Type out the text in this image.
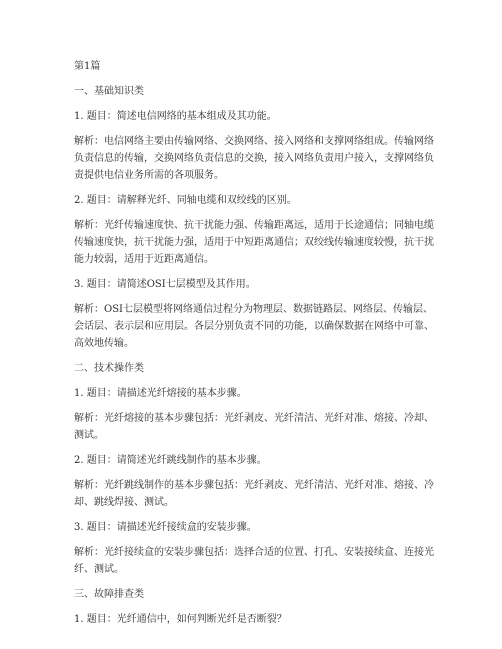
第1篇

一、基础知识类

1. 题目：简述电信网络的基本组成及其功能。

解析：电信网络主要由传输网络、交换网络、接入网络和支撑网络组成。传输网络负责信息的传输，交换网络负责信息的交换，接入网络负责用户接入，支撑网络负责提供电信业务所需的各项服务。

2. 题目：请解释光纤、同轴电缆和双绞线的区别。

解析：光纤传输速度快、抗干扰能力强、传输距离远，适用于长途通信；同轴电缆传输速度快，抗干扰能力强，适用于中短距离通信；双绞线传输速度较慢，抗干扰能力较弱，适用于近距离通信。

3. 题目：请简述OSI七层模型及其作用。

解析：OSI七层模型将网络通信过程分为物理层、数据链路层、网络层、传输层、会话层、表示层和应用层。各层分别负责不同的功能，以确保数据在网络中可靠、高效地传输。

二、技术操作类

1. 题目：请描述光纤熔接的基本步骤。

解析：光纤熔接的基本步骤包括：光纤剥皮、光纤清洁、光纤对准、熔接、冷却、测试。

2. 题目：请简述光纤跳线制作的基本步骤。

解析：光纤跳线制作的基本步骤包括：光纤剥皮、光纤清洁、光纤对准、熔接、冷却、跳线焊接、测试。

3. 题目：请描述光纤接续盒的安装步骤。

解析：光纤接续盒的安装步骤包括：选择合适的位置、打孔、安装接续盒、连接光纤、测试。

三、故障排查类

1. 题目：光纤通信中，如何判断光纤是否断裂？
